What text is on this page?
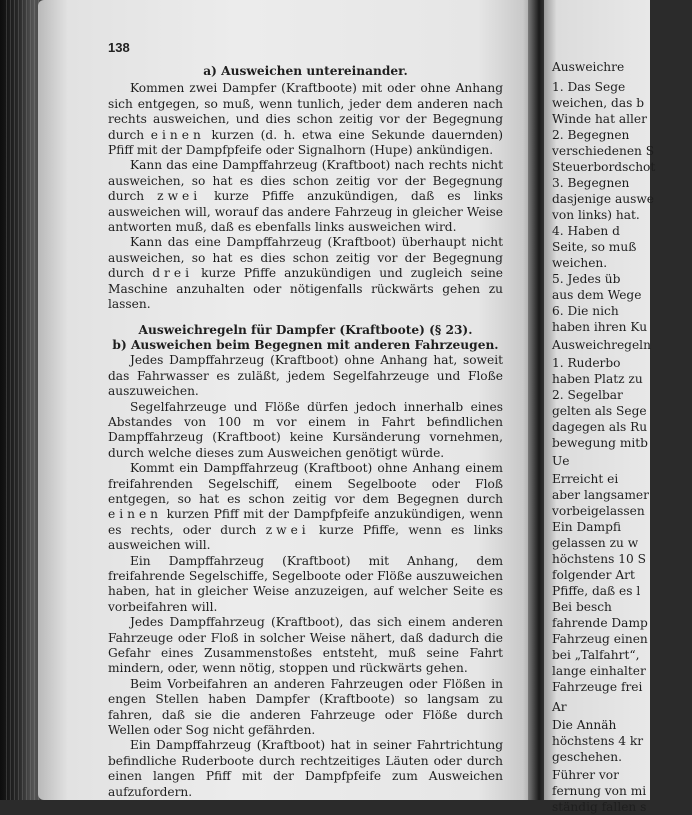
Ausweichre
1. Das Sege
weichen, das b
Winde hat aller
2. Begegnen
verschiedenen S
Steuerbordschot
3. Begegnen
dasjenige auswe
von links) hat.
4. Haben d
Seite, so muß
weichen.
5. Jedes üb
aus dem Wege
6. Die nich
haben ihren Ku
Ausweichregeln
1. Ruderbo
haben Platz zu
2. Segelbar
gelten als Sege
dagegen als Ru
bewegung mitb
Ue
Erreicht ei
aber langsamer
vorbeigelassen
Ein Dampfi
gelassen zu w
höchstens 10 S
folgender Art
Pfiffe, daß es l
Bei besch
fahrende Damp
Fahrzeug einen
bei „Talfahrt“,
lange einhalter
Fahrzeuge frei
Ar
Die Annäh
höchstens 4 kr
geschehen.
Führer vor
fernung von mi
ständig fallen s
138
a) Ausweichen untereinander.

Kommen zwei Dampfer (Kraftboote) mit oder ohne Anhang sich entgegen, so muß, wenn tunlich, jeder dem anderen nach rechts ausweichen, und dies schon zeitig vor der Begegnung durch einen kurzen (d. h. etwa eine Sekunde dauernden) Pfiff mit der Dampfpfeife oder Signalhorn (Hupe) ankündigen.

Kann das eine Dampffahrzeug (Kraftboot) nach rechts nicht ausweichen, so hat es dies schon zeitig vor der Begegnung durch zwei kurze Pfiffe anzukündigen, daß es links ausweichen will, worauf das andere Fahrzeug in gleicher Weise antworten muß, daß es ebenfalls links ausweichen wird.

Kann das eine Dampffahrzeug (Kraftboot) überhaupt nicht ausweichen, so hat es dies schon zeitig vor der Begegnung durch drei kurze Pfiffe anzukündigen und zugleich seine Maschine anzuhalten oder nötigenfalls rückwärts gehen zu lassen.

Ausweichregeln für Dampfer (Kraftboote) (§ 23).
b) Ausweichen beim Begegnen mit anderen Fahrzeugen.

Jedes Dampffahrzeug (Kraftboot) ohne Anhang hat, soweit das Fahrwasser es zuläßt, jedem Segelfahrzeuge und Floße auszuweichen.

Segelfahrzeuge und Flöße dürfen jedoch innerhalb eines Abstandes von 100 m vor einem in Fahrt befindlichen Dampffahrzeug (Kraftboot) keine Kursänderung vornehmen, durch welche dieses zum Ausweichen genötigt würde.

Kommt ein Dampffahrzeug (Kraftboot) ohne Anhang einem freifahrenden Segelschiff, einem Segelboote oder Floß entgegen, so hat es schon zeitig vor dem Begegnen durch einen kurzen Pfiff mit der Dampfpfeife anzukündigen, wenn es rechts, oder durch zwei kurze Pfiffe, wenn es links ausweichen will.

Ein Dampffahrzeug (Kraftboot) mit Anhang, dem freifahrende Segelschiffe, Segelboote oder Flöße auszuweichen haben, hat in gleicher Weise anzuzeigen, auf welcher Seite es vorbeifahren will.

Jedes Dampffahrzeug (Kraftboot), das sich einem anderen Fahrzeuge oder Floß in solcher Weise nähert, daß dadurch die Gefahr eines Zusammenstoßes entsteht, muß seine Fahrt mindern, oder, wenn nötig, stoppen und rückwärts gehen.

Beim Vorbeifahren an anderen Fahrzeugen oder Flößen in engen Stellen haben Dampfer (Kraftboote) so langsam zu fahren, daß sie die anderen Fahrzeuge oder Flöße durch Wellen oder Sog nicht gefährden.

Ein Dampffahrzeug (Kraftboot) hat in seiner Fahrtrichtung befindliche Ruderboote durch rechtzeitiges Läuten oder durch einen langen Pfiff mit der Dampfpfeife zum Ausweichen aufzufordern.
